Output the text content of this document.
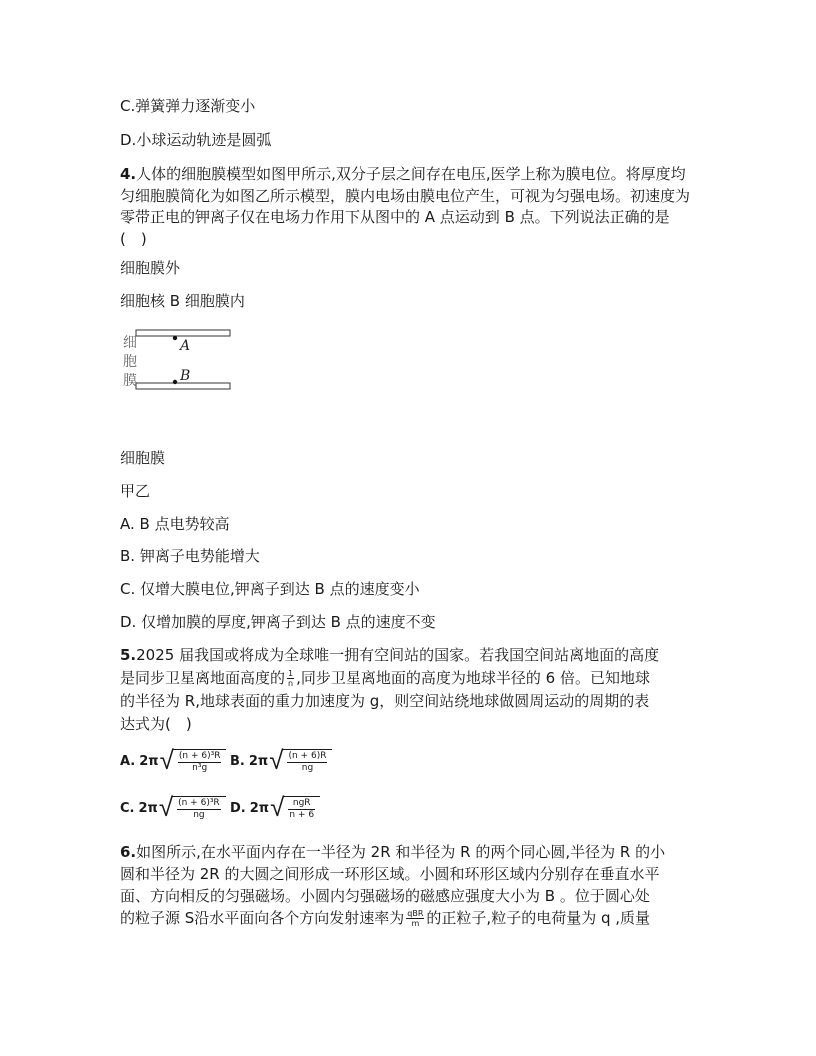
C.弹簧弹力逐渐变小
D.小球运动轨迹是圆弧
4.人体的细胞膜模型如图甲所示,双分子层之间存在电压,医学上称为膜电位。将厚度均匀细胞膜简化为如图乙所示模型，膜内电场由膜电位产生，可视为匀强电场。初速度为零带正电的钾离子仅在电场力作用下从图中的 A 点运动到 B 点。下列说法正确的是(　)
细胞膜外
细胞核 B 细胞膜内
细
胞
膜
A
B
细胞膜
甲乙
A. B 点电势较高
B. 钾离子电势能增大
C. 仅增大膜电位,钾离子到达 B 点的速度变小
D. 仅增加膜的厚度,钾离子到达 B 点的速度不变
5.2025 届我国或将成为全球唯一拥有空间站的国家。若我国空间站离地面的高度
是同步卫星离地面高度的 $\frac{1}{n}$ ,同步卫星离地面的高度为地球半径的 6 倍。已知地球
的半径为 R,地球表面的重力加速度为 g，则空间站绕地球做圆周运动的周期的表
达式为(　)
A. 2π √ $\frac{\text{(n + 6)³R}}{\text{n³g}} B$. 2π √ $\frac{(n + 6)R}{ng}$
C. 2π √ $\frac{\text{(n + 6)³R}}{ng} D$. 2π √ $\frac{\text{ngR}}{n + 6}$
6.如图所示,在水平面内存在一半径为 2R 和半径为 R 的两个同心圆,半径为 R 的小
圆和半径为 2R 的大圆之间形成一环形区域。小圆和环形区域内分别存在垂直水平
面、方向相反的匀强磁场。小圆内匀强磁场的磁感应强度大小为 B 。位于圆心处
的粒子源 S沿水平面向各个方向发射速率为 $\frac{\text{qBR}}{m}$ 的正粒子,粒子的电荷量为 q ,质量
